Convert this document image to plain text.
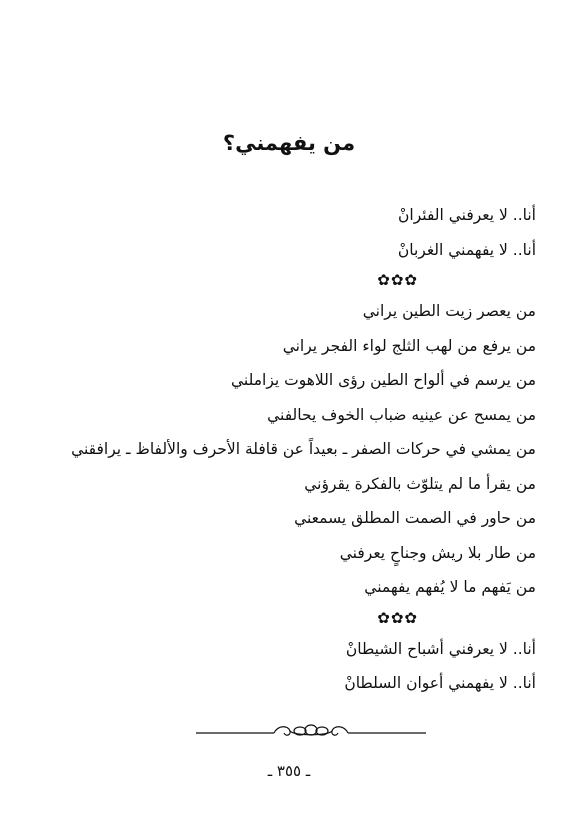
من يفهمني؟
أنا.. لا يعرفني الفئرانْ
أنا.. لا يفهمني الغربانْ
✿✿✿
من يعصر زيت الطين يراني
من يرفع من لهب الثلج لواء الفجر يراني
من يرسم في ألواح الطين رؤى اللاهوت يزاملني
من يمسح عن عينيه ضباب الخوف يحالفني
من يمشي في حركات الصفر ـ بعيداً عن قافلة الأحرف والألفاظ ـ يرافقني
من يقرأ ما لم يتلوّث بالفكرة يقرؤني
من حاور في الصمت المطلق يسمعني
من طار بلا ريش وجناحٍ يعرفني
من يَفهم ما لا يُفهم يفهمني
✿✿✿
أنا.. لا يعرفني أشباح الشيطانْ
أنا.. لا يفهمني أعوان السلطانْ
ـ ٣٥٥ ـ
